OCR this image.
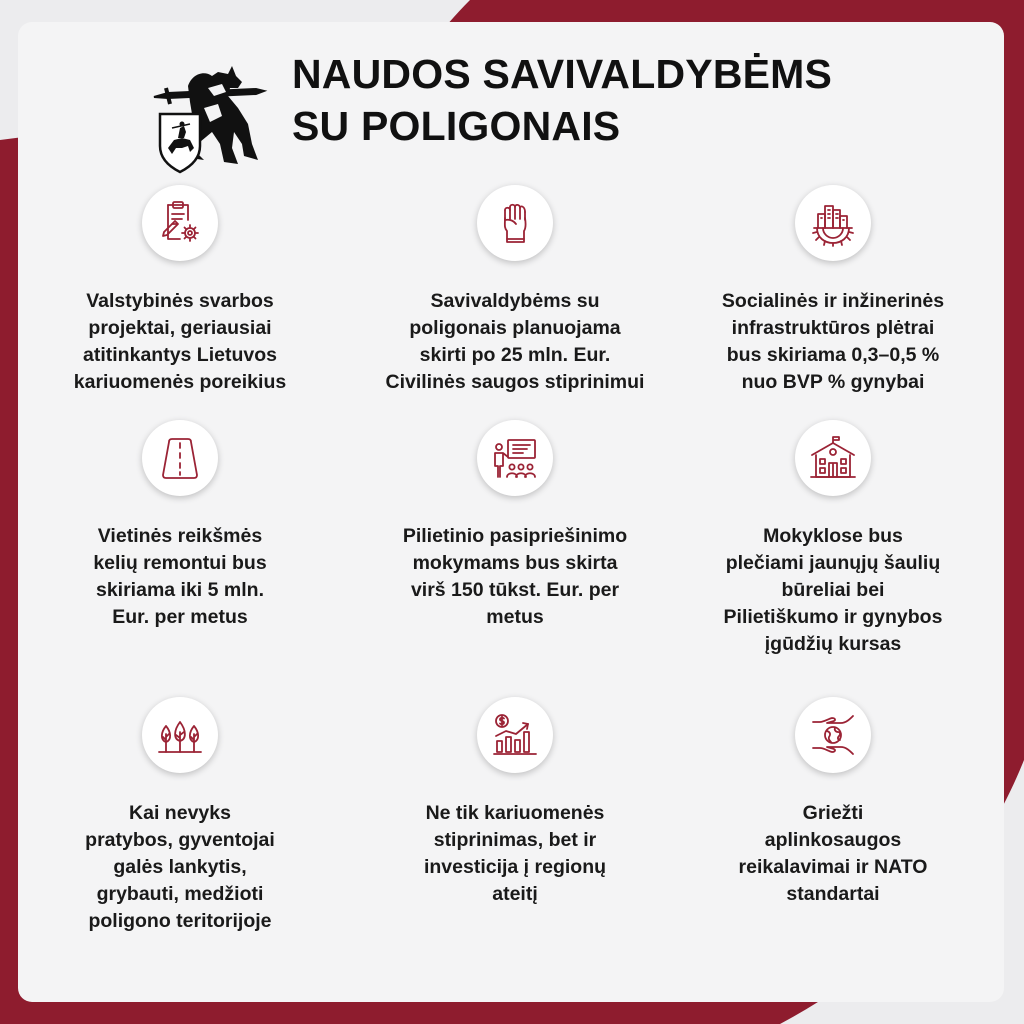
NAUDOS SAVIVALDYBĖMS
SU POLIGONAIS

Valstybinės svarbos
projektai, geriausiai
atitinkantys Lietuvos
kariuomenės poreikius

Savivaldybėms su
poligonais planuojama
skirti po 25 mln. Eur.
Civilinės saugos stiprinimui

Socialinės ir inžinerinės
infrastruktūros plėtrai
bus skiriama 0,3–0,5 %
nuo BVP % gynybai

Vietinės reikšmės
kelių remontui bus
skiriama iki 5 mln.
Eur. per metus

Pilietinio pasipriešinimo
mokymams bus skirta
virš 150 tūkst. Eur. per
metus

Mokyklose bus
plečiami jaunųjų šaulių
būreliai bei
Pilietiškumo ir gynybos
įgūdžių kursas

Kai nevyks
pratybos, gyventojai
galės lankytis,
grybauti, medžioti
poligono teritorijoje

Ne tik kariuomenės
stiprinimas, bet ir
investicija į regionų
ateitį

Griežti
aplinkosaugos
reikalavimai ir NATO
standartai
